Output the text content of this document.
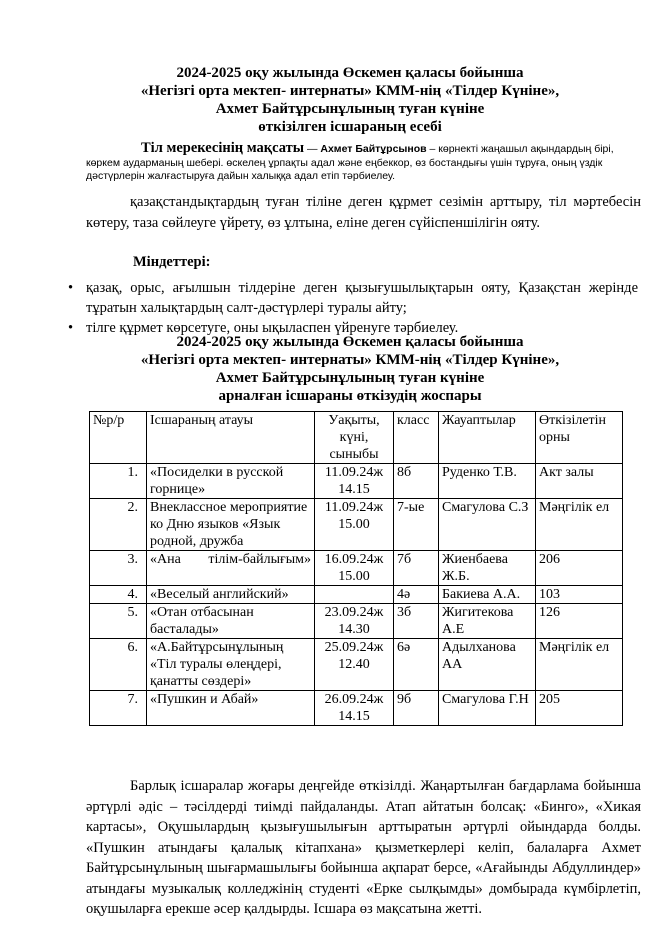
2024-2025 оқу жылында Өскемен қаласы бойынша
«Негізгі орта мектеп- интернаты» КММ-нің «Тілдер Күніне»,
Ахмет Байтұрсынұлының туған күніне
өткізілген ісшараның есебі
Тіл мерекесінің мақсаты — Ахмет Байтұрсынов – көрнекті жаңашыл ақындардың бірі, көркем аударманың шебері. өскелең ұрпақты адал және еңбеккор, өз бостандығы үшін тұруға, оның үздік дәстүрлерін жалғастыруға дайын халыққа адал етіп тәрбиелеу.
қазақстандықтардың туған тіліне деген құрмет сезімін арттыру, тіл мәртебесін көтеру, таза сөйлеуге үйрету, өз ұлтына, еліне деген сүйіспеншілігін ояту.
Міндеттері:
• қазақ, орыс, ағылшын тілдеріне деген қызығушылықтарын ояту, Қазақстан жерінде тұратын халықтардың салт-дәстүрлері туралы айту;
• тілге құрмет көрсетуге, оны ықыласпен үйренуге тәрбиелеу.
2024-2025 оқу жылында Өскемен қаласы бойынша
«Негізгі орта мектеп- интернаты» КММ-нің «Тілдер Күніне»,
Ахмет Байтұрсынұлының туған күніне
арналған ісшараны өткізудің жоспары
№р/р	Ісшараның атауы	Уақыты, күні, сыныбы	класс	Жауаптылар	Өткізілетін орны
1.	«Посиделки в русской горнице»	11.09.24ж 14.15	8б	Руденко Т.В.	Акт залы
2.	Внеклассное мероприятие ко Дню языков «Язык родной, дружба	11.09.24ж 15.00	7-ые	Смагулова С.З	Мәңгілік ел
3.	«Ана тілім-байлығым»	16.09.24ж 15.00	7б	Жиенбаева Ж.Б.	206
4.	«Веселый английский»		4ә	Бакиева А.А.	103
5.	«Отан отбасынан басталады»	23.09.24ж 14.30	3б	Жигитекова А.Е	126
6.	«А.Байтұрсынұлының «Тіл туралы өлеңдері, қанатты сөздері»	25.09.24ж 12.40	6ә	Адылханова АА	Мәңгілік ел
7.	«Пушкин и Абай»	26.09.24ж 14.15	9б	Смагулова Г.Н	205
Барлық ісшаралар жоғары деңгейде өткізілді. Жаңартылған бағдарлама бойынша әртүрлі әдіс – тәсілдерді тиімді пайдаланды. Атап айтатын болсақ: «Бинго», «Хикая картасы», Оқушылардың қызығушылығын арттыратын әртүрлі ойындарда болды. «Пушкин атындағы қалалық кітапхана» қызметкерлері келіп, балаларға Ахмет Байтұрсынұлының шығармашылығы бойынша ақпарат берсе, «Ағайынды Абдуллиндер» атындағы музыкалық колледжінің студенті «Ерке сылқымды» домбырада күмбірлетіп, оқушыларға ерекше әсер қалдырды. Ісшара өз мақсатына жетті.
